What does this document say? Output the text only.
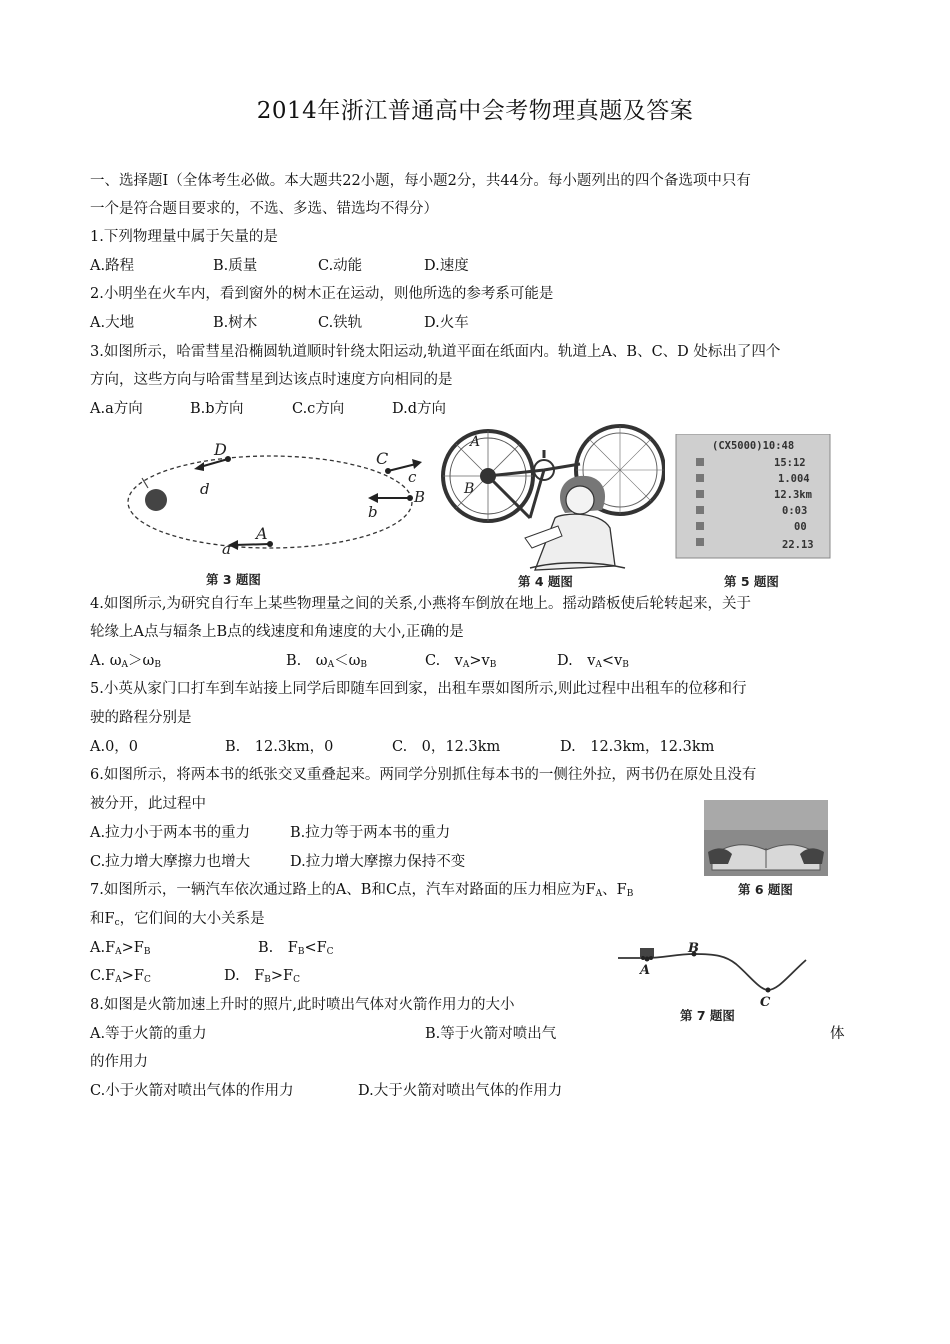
2014年浙江普通高中会考物理真题及答案
一、选择题Ⅰ（全体考生必做。本大题共22小题，每小题2分，共44分。每小题列出的四个备选项中只有
一个是符合题目要求的，不选、多选、错选均不得分）
1.下列物理量中属于矢量的是
A.路程	B.质量	C.动能	D.速度
2.小明坐在火车内，看到窗外的树木正在运动，则他所选的参考系可能是
A.大地	B.树木	C.铁轨	D.火车
3.如图所示，哈雷彗星沿椭圆轨道顺时针绕太阳运动,轨道平面在纸面内。轨道上A、B、C、D 处标出了四个
方向，这些方向与哈雷彗星到达该点时速度方向相同的是
A.a方向	B.b方向	C.c方向	D.d方向
D
d
C
c
B
b
A
a
第 3 题图
A
B
第 4 题图
(CX5000)10:48
15:12
1.004
12.3km
0:03
00
22.13
第 5 题图
4.如图所示,为研究自行车上某些物理量之间的关系,小燕将车倒放在地上。摇动踏板使后轮转起来，关于
轮缘上A点与辐条上B点的线速度和角速度的大小,正确的是
A. $\omega_A>\omega_B$	B.　$\omega_A<\omega_B$	C.　$v_A>v_B$	D.　$v_A<v_B$
5.小英从家门口打车到车站接上同学后即随车回到家，出租车票如图所示,则此过程中出租车的位移和行
驶的路程分别是
A.0，0	B.　12.3km，0	C.　0，12.3km	D.　12.3km，12.3km
6.如图所示，将两本书的纸张交叉重叠起来。两同学分别抓住每本书的一侧往外拉，两书仍在原处且没有
被分开，此过程中
A.拉力小于两本书的重力	B.拉力等于两本书的重力
C.拉力增大摩擦力也增大	D.拉力增大摩擦力保持不变
第 6 题图
7.如图所示，一辆汽车依次通过路上的A、B和C点，汽车对路面的压力相应为$F_A$、$F_B$
和$F_c$，它们间的大小关系是
$A.F_A>F_B$	B.　$F_B<F_C$
$C.F_A>F_C$	D.　$F_B>F_C$
A
B
C
第 7 题图
8.如图是火箭加速上升时的照片,此时喷出气体对火箭作用力的大小
A.等于火箭的重力	B.等于火箭对喷出气	体
的作用力
C.小于火箭对喷出气体的作用力	D.大于火箭对喷出气体的作用力
